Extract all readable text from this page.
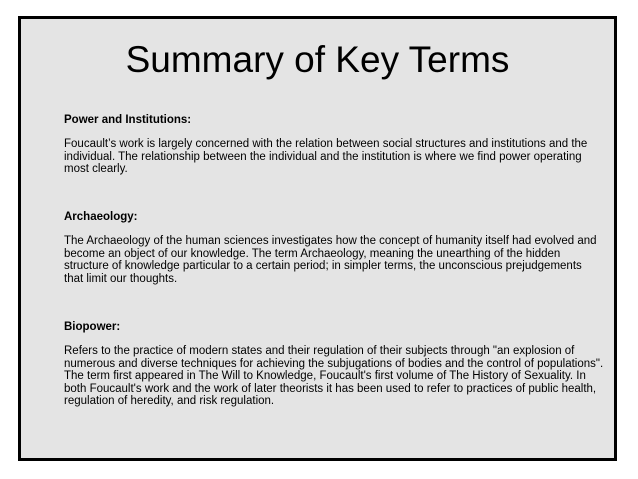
Summary of Key Terms

Power and Institutions:

Foucault’s work is largely concerned with the relation between social structures and institutions and the individual. The relationship between the individual and the institution is where we find power operating most clearly.

Archaeology:

The Archaeology of the human sciences investigates how the concept of humanity itself had evolved and become an object of our knowledge. The term Archaeology, meaning the unearthing of the hidden structure of knowledge particular to a certain period; in simpler terms, the unconscious prejudgements that limit our thoughts.

Biopower:

Refers to the practice of modern states and their regulation of their subjects through "an explosion of numerous and diverse techniques for achieving the subjugations of bodies and the control of populations". The term first appeared in The Will to Knowledge, Foucault's first volume of The History of Sexuality. In both Foucault's work and the work of later theorists it has been used to refer to practices of public health, regulation of heredity, and risk regulation.
